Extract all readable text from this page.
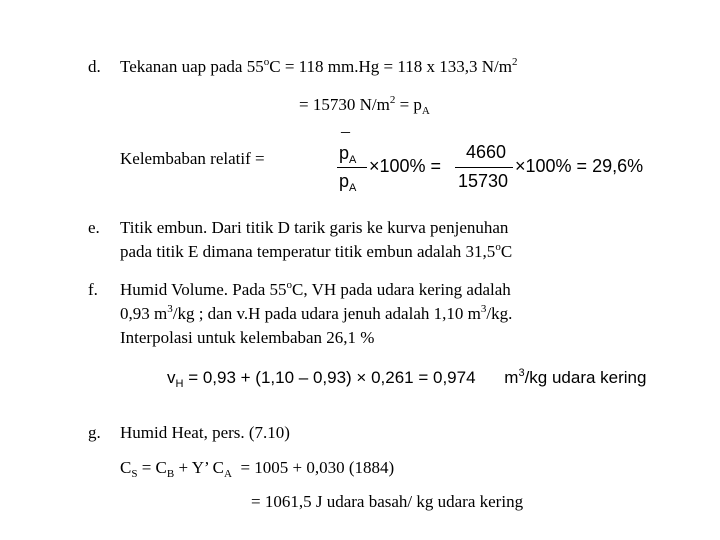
d. Tekanan uap pada $55^oC = 118$ mm.Hg = 118 x 133,3 $N/m^2$
= 15730 $N/m^2 = p_A$
Kelembaban relatif =
–
$p_A$
$p_A$
×100% =
4660
15730
×100% = 29,6%
e. Titik embun. Dari titik D tarik garis ke kurva penjenuhan
pada titik E dimana temperatur titik embun adalah 31,5$^o$C
f. Humid Volume. Pada 55$^o$C, VH pada udara kering adalah
0,93 $m^3/kg$ ; dan v.H pada udara jenuh adalah 1,10 $m^3/kg$.
Interpolasi untuk kelembaban 26,1 %
$v_H = 0,93 + (1,10 - 0,93) \times 0,261 = 0,974$ $m^3/kg$ udara kering
g. Humid Heat, pers. (7.10)
$C_S = C_B + Y$’ $C_A = 1005 + 0,030$ (1884)
= 1061,5 J udara basah/ kg udara kering
